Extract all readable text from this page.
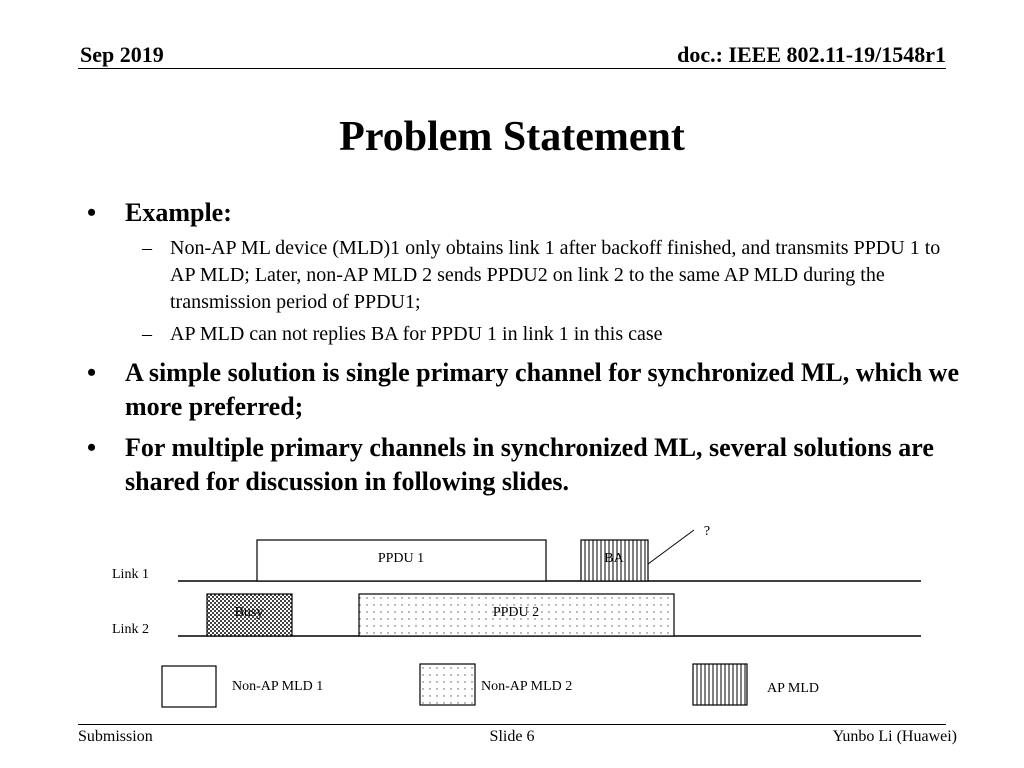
Sep 2019	doc.: IEEE 802.11-19/1548r1
Problem Statement
• Example:
– Non-AP ML device (MLD)1 only obtains link 1 after backoff finished, and transmits PPDU 1 to AP MLD; Later, non-AP MLD 2 sends PPDU2 on link 2 to the same AP MLD during the transmission period of PPDU1;
– AP MLD can not replies BA for PPDU 1 in link 1 in this case
• A simple solution is single primary channel for synchronized ML, which we more preferred;
• For multiple primary channels in synchronized ML, several solutions are shared for discussion in following slides.
Link 1
PPDU 1	BA
?
Link 2
Busy	PPDU 2
Non-AP MLD 1	Non-AP MLD 2	AP MLD
Submission	Slide 6	Yunbo Li (Huawei)
